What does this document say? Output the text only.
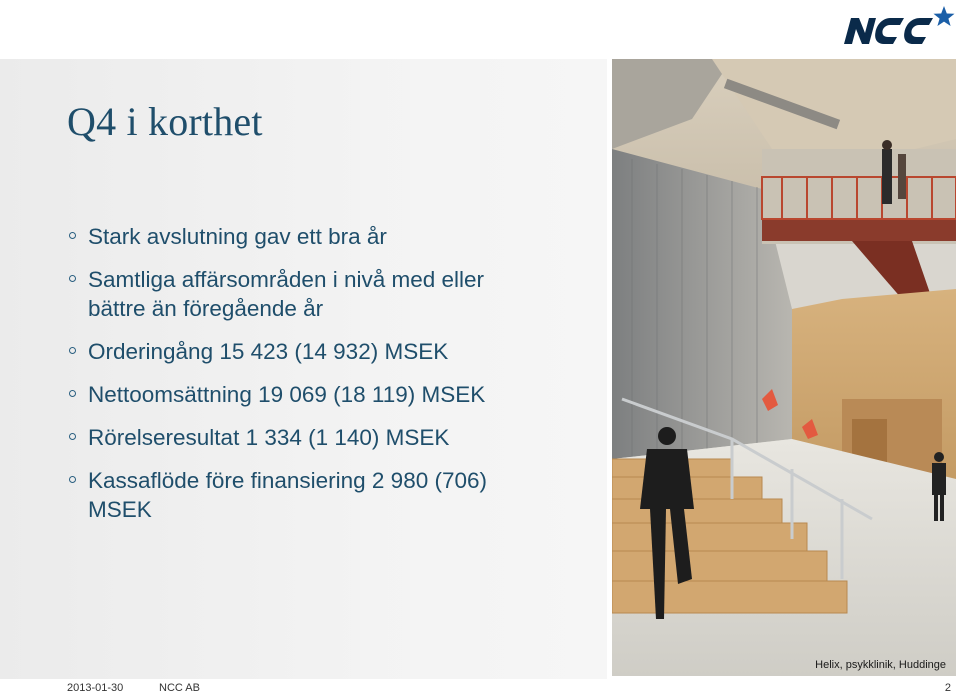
Q4 i korthet
Stark avslutning gav ett bra år
Samtliga affärsområden i nivå med eller bättre än föregående år
Orderingång 15 423 (14 932) MSEK
Nettoomsättning 19 069 (18 119) MSEK
Rörelseresultat 1 334 (1 140) MSEK
Kassaflöde före finansiering 2 980 (706) MSEK
Helix, psykklinik, Huddinge
2013-01-30	NCC AB	2
